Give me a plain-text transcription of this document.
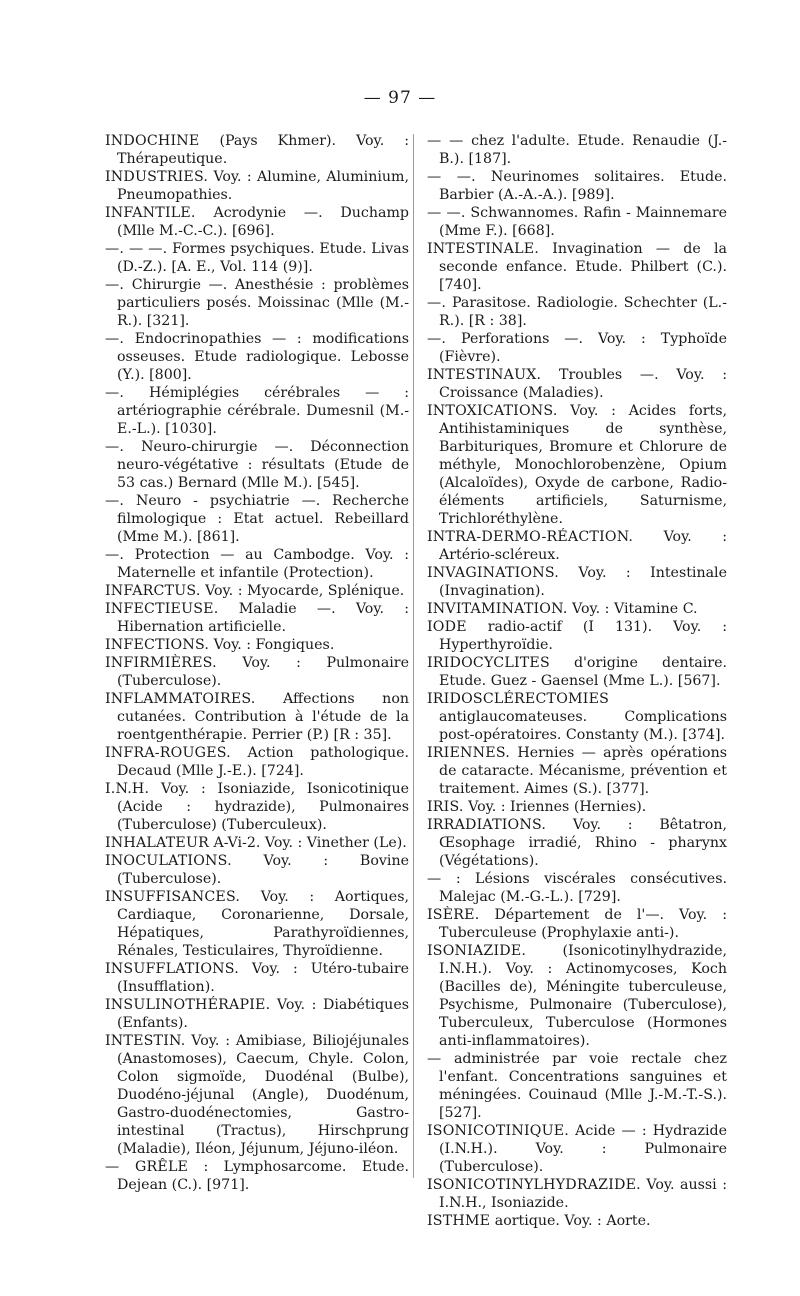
— 97 —
INDOCHINE (Pays Khmer). Voy. : Thérapeutique.
INDUSTRIES. Voy. : Alumine, Aluminium, Pneumopathies.
INFANTILE. Acrodynie —. Duchamp (Mlle M.-C.-C.). [696].
—. — —. Formes psychiques. Etude. Livas (D.-Z.). [A. E., Vol. 114 (9)].
—. Chirurgie —. Anesthésie : problèmes particuliers posés. Moissinac (Mlle (M.-R.). [321].
—. Endocrinopathies — : modifications osseuses. Etude radiologique. Lebosse (Y.). [800].
—. Hémiplégies cérébrales — : artériographie cérébrale. Dumesnil (M.-E.-L.). [1030].
—. Neuro-chirurgie —. Déconnection neuro-végétative : résultats (Etude de 53 cas.) Bernard (Mlle M.). [545].
—. Neuro - psychiatrie —. Recherche filmologique : Etat actuel. Rebeillard (Mme M.). [861].
—. Protection — au Cambodge. Voy. : Maternelle et infantile (Protection).
INFARCTUS. Voy. : Myocarde, Splénique.
INFECTIEUSE. Maladie —. Voy. : Hibernation artificielle.
INFECTIONS. Voy. : Fongiques.
INFIRMIÈRES. Voy. : Pulmonaire (Tuberculose).
INFLAMMATOIRES. Affections non cutanées. Contribution à l'étude de la roentgenthérapie. Perrier (P.) [R : 35].
INFRA-ROUGES. Action pathologique. Decaud (Mlle J.-E.). [724].
I.N.H. Voy. : Isoniazide, Isonicotinique (Acide : hydrazide), Pulmonaires (Tuberculose) (Tuberculeux).
INHALATEUR A-Vi-2. Voy. : Vinether (Le).
INOCULATIONS. Voy. : Bovine (Tuberculose).
INSUFFISANCES. Voy. : Aortiques, Cardiaque, Coronarienne, Dorsale, Hépatiques, Parathyroïdiennes, Rénales, Testiculaires, Thyroïdienne.
INSUFFLATIONS. Voy. : Utéro-tubaire (Insufflation).
INSULINOTHÉRAPIE. Voy. : Diabétiques (Enfants).
INTESTIN. Voy. : Amibiase, Biliojéjunales (Anastomoses), Caecum, Chyle. Colon, Colon sigmoïde, Duodénal (Bulbe), Duodéno-jéjunal (Angle), Duodénum, Gastro-duodénectomies, Gastro-intestinal (Tractus), Hirschprung (Maladie), Iléon, Jéjunum, Jéjuno-iléon.
— GRÊLE : Lymphosarcome. Etude. Dejean (C.). [971].
— — chez l'adulte. Etude. Renaudie (J.-B.). [187].
— —. Neurinomes solitaires. Etude. Barbier (A.-A.-A.). [989].
— —. Schwannomes. Rafin - Mainnemare (Mme F.). [668].
INTESTINALE. Invagination — de la seconde enfance. Etude. Philbert (C.). [740].
—. Parasitose. Radiologie. Schechter (L.-R.). [R : 38].
—. Perforations —. Voy. : Typhoïde (Fièvre).
INTESTINAUX. Troubles —. Voy. : Croissance (Maladies).
INTOXICATIONS. Voy. : Acides forts, Antihistaminiques de synthèse, Barbituriques, Bromure et Chlorure de méthyle, Monochlorobenzène, Opium (Alcaloïdes), Oxyde de carbone, Radio-éléments artificiels, Saturnisme, Trichloréthylène.
INTRA-DERMO-RÉACTION. Voy. : Artério-scléreux.
INVAGINATIONS. Voy. : Intestinale (Invagination).
INVITAMINATION. Voy. : Vitamine C.
IODE radio-actif (I 131). Voy. : Hyperthyroïdie.
IRIDOCYCLITES d'origine dentaire. Etude. Guez - Gaensel (Mme L.). [567].
IRIDOSCLÉRECTOMIES antiglaucomateuses. Complications post-opératoires. Constanty (M.). [374].
IRIENNES. Hernies — après opérations de cataracte. Mécanisme, prévention et traitement. Aimes (S.). [377].
IRIS. Voy. : Iriennes (Hernies).
IRRADIATIONS. Voy. : Bêtatron, Œsophage irradié, Rhino - pharynx (Végétations).
— : Lésions viscérales consécutives. Malejac (M.-G.-L.). [729].
ISÈRE. Département de l'—. Voy. : Tuberculeuse (Prophylaxie anti-).
ISONIAZIDE. (Isonicotinylhydrazide, I.N.H.). Voy. : Actinomycoses, Koch (Bacilles de), Méningite tuberculeuse, Psychisme, Pulmonaire (Tuberculose), Tuberculeux, Tuberculose (Hormones anti-inflammatoires).
— administrée par voie rectale chez l'enfant. Concentrations sanguines et méningées. Couinaud (Mlle J.-M.-T.-S.). [527].
ISONICOTINIQUE. Acide — : Hydrazide (I.N.H.). Voy. : Pulmonaire (Tuberculose).
ISONICOTINYLHYDRAZIDE. Voy. aussi : I.N.H., Isoniazide.
ISTHME aortique. Voy. : Aorte.
